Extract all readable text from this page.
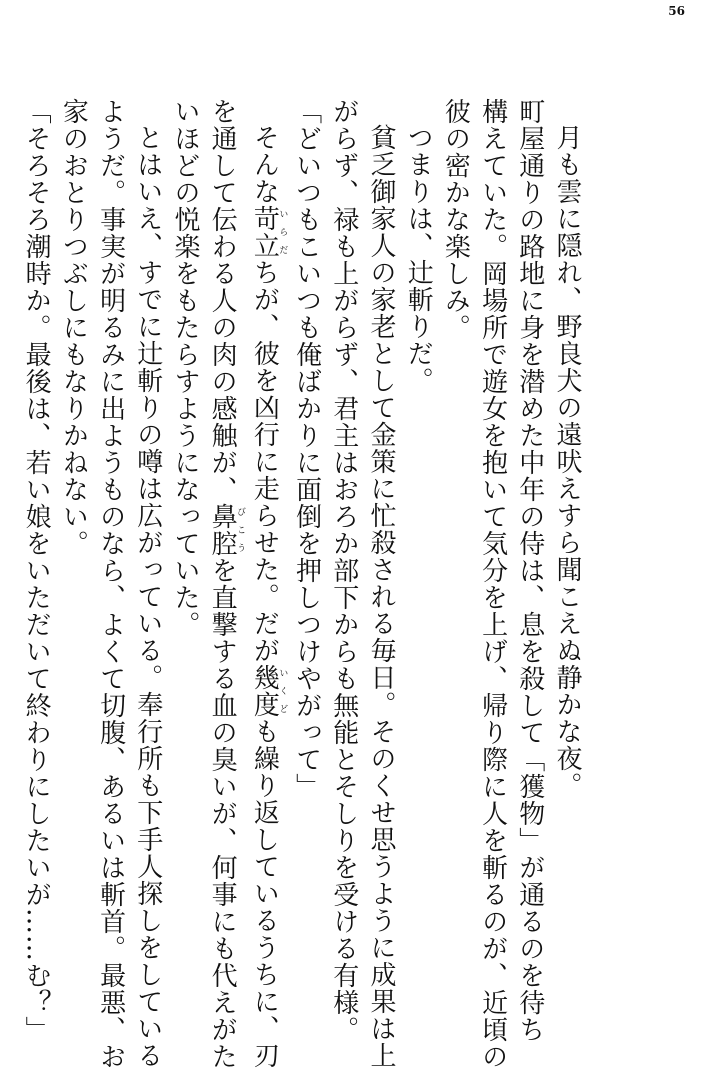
56
月も雲に隠れ、野良犬の遠吠えすら聞こえぬ静かな夜。
町屋通りの路地に身を潜めた中年の侍は、息を殺して「獲物」が通るのを待ち
構えていた。岡場所で遊女を抱いて気分を上げ、帰り際に人を斬るのが、近頃の
彼の密かな楽しみ。
つまりは、辻斬りだ。
貧乏御家人の家老として金策に忙殺される毎日。そのくせ思うように成果は上
がらず、禄も上がらず、君主はおろか部下からも無能とそしりを受ける有様。
「どいつもこいつも俺ばかりに面倒を押しつけやがって」
そんな苛立いらだちが、彼を凶行に走らせた。だが幾度いくども繰り返しているうちに、刃
を通して伝わる人の肉の感触が、鼻腔びこうを直撃する血の臭いが、何事にも代えがた
いほどの悦楽をもたらすようになっていた。
とはいえ、すでに辻斬りの噂は広がっている。奉行所も下手人探しをしている
ようだ。事実が明るみに出ようものなら、よくて切腹、あるいは斬首。最悪、お
家のおとりつぶしにもなりかねない。
「そろそろ潮時か。最後は、若い娘をいただいて終わりにしたいが……む？」
